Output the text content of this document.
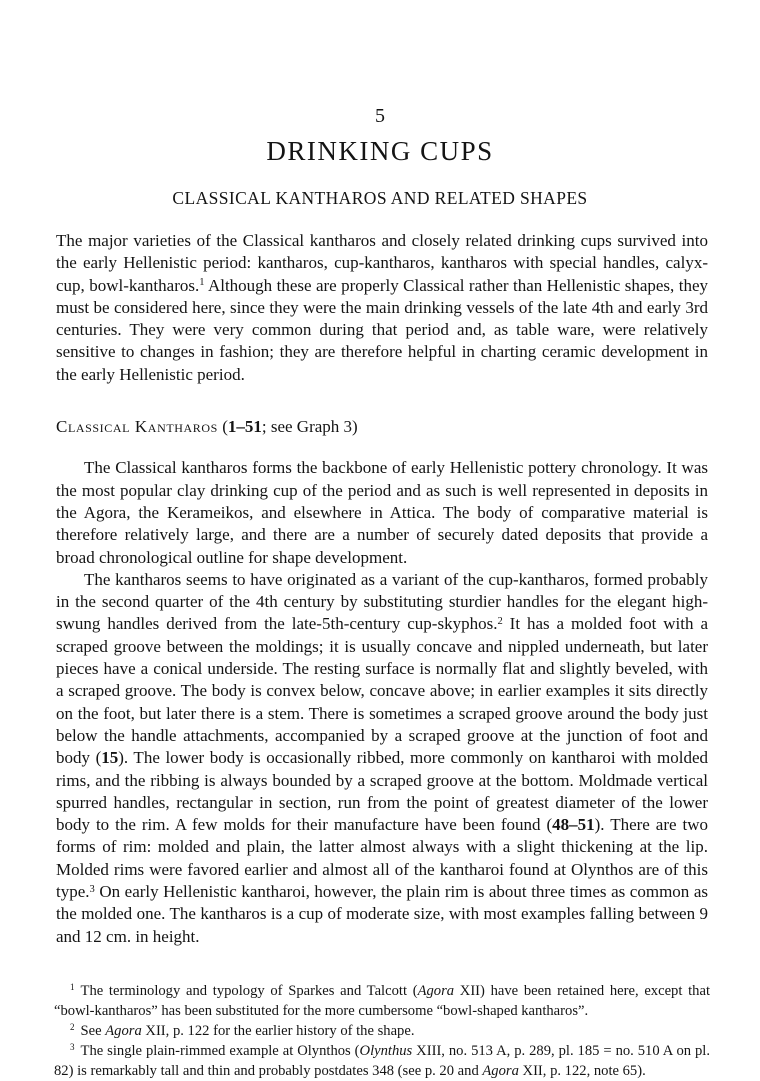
5
DRINKING CUPS
CLASSICAL KANTHAROS AND RELATED SHAPES

The major varieties of the Classical kantharos and closely related drinking cups survived into the early Hellenistic period: kantharos, cup-kantharos, kantharos with special handles, calyx-cup, bowl-kantharos.$^1$ Although these are properly Classical rather than Hellenistic shapes, they must be considered here, since they were the main drinking vessels of the late 4th and early 3rd centuries. They were very common during that period and, as table ware, were relatively sensitive to changes in fashion; they are therefore helpful in charting ceramic development in the early Hellenistic period.

Classical Kantharos (1–51; see Graph 3)

The Classical kantharos forms the backbone of early Hellenistic pottery chronology. It was the most popular clay drinking cup of the period and as such is well represented in deposits in the Agora, the Kerameikos, and elsewhere in Attica. The body of comparative material is therefore relatively large, and there are a number of securely dated deposits that provide a broad chronological outline for shape development.

The kantharos seems to have originated as a variant of the cup-kantharos, formed probably in the second quarter of the 4th century by substituting sturdier handles for the elegant high-swung handles derived from the late-5th-century cup-skyphos.$^2$ It has a molded foot with a scraped groove between the moldings; it is usually concave and nippled underneath, but later pieces have a conical underside. The resting surface is normally flat and slightly beveled, with a scraped groove. The body is convex below, concave above; in earlier examples it sits directly on the foot, but later there is a stem. There is sometimes a scraped groove around the body just below the handle attachments, accompanied by a scraped groove at the junction of foot and body (15). The lower body is occasionally ribbed, more commonly on kantharoi with molded rims, and the ribbing is always bounded by a scraped groove at the bottom. Moldmade vertical spurred handles, rectangular in section, run from the point of greatest diameter of the lower body to the rim. A few molds for their manufacture have been found (48–51). There are two forms of rim: molded and plain, the latter almost always with a slight thickening at the lip. Molded rims were favored earlier and almost all of the kantharoi found at Olynthos are of this type.$^3$ On early Hellenistic kantharoi, however, the plain rim is about three times as common as the molded one. The kantharos is a cup of moderate size, with most examples falling between 9 and 12 cm. in height.

$^1$ The terminology and typology of Sparkes and Talcott (Agora XII) have been retained here, except that “bowl-kantharos” has been substituted for the more cumbersome “bowl-shaped kantharos”.

$^2$ See Agora XII, p. 122 for the earlier history of the shape.

$^3$ The single plain-rimmed example at Olynthos (Olynthus XIII, no. 513 A, p. 289, pl. 185 = no. 510 A on pl. 82) is remarkably tall and thin and probably postdates 348 (see p. 20 and Agora XII, p. 122, note 65).
